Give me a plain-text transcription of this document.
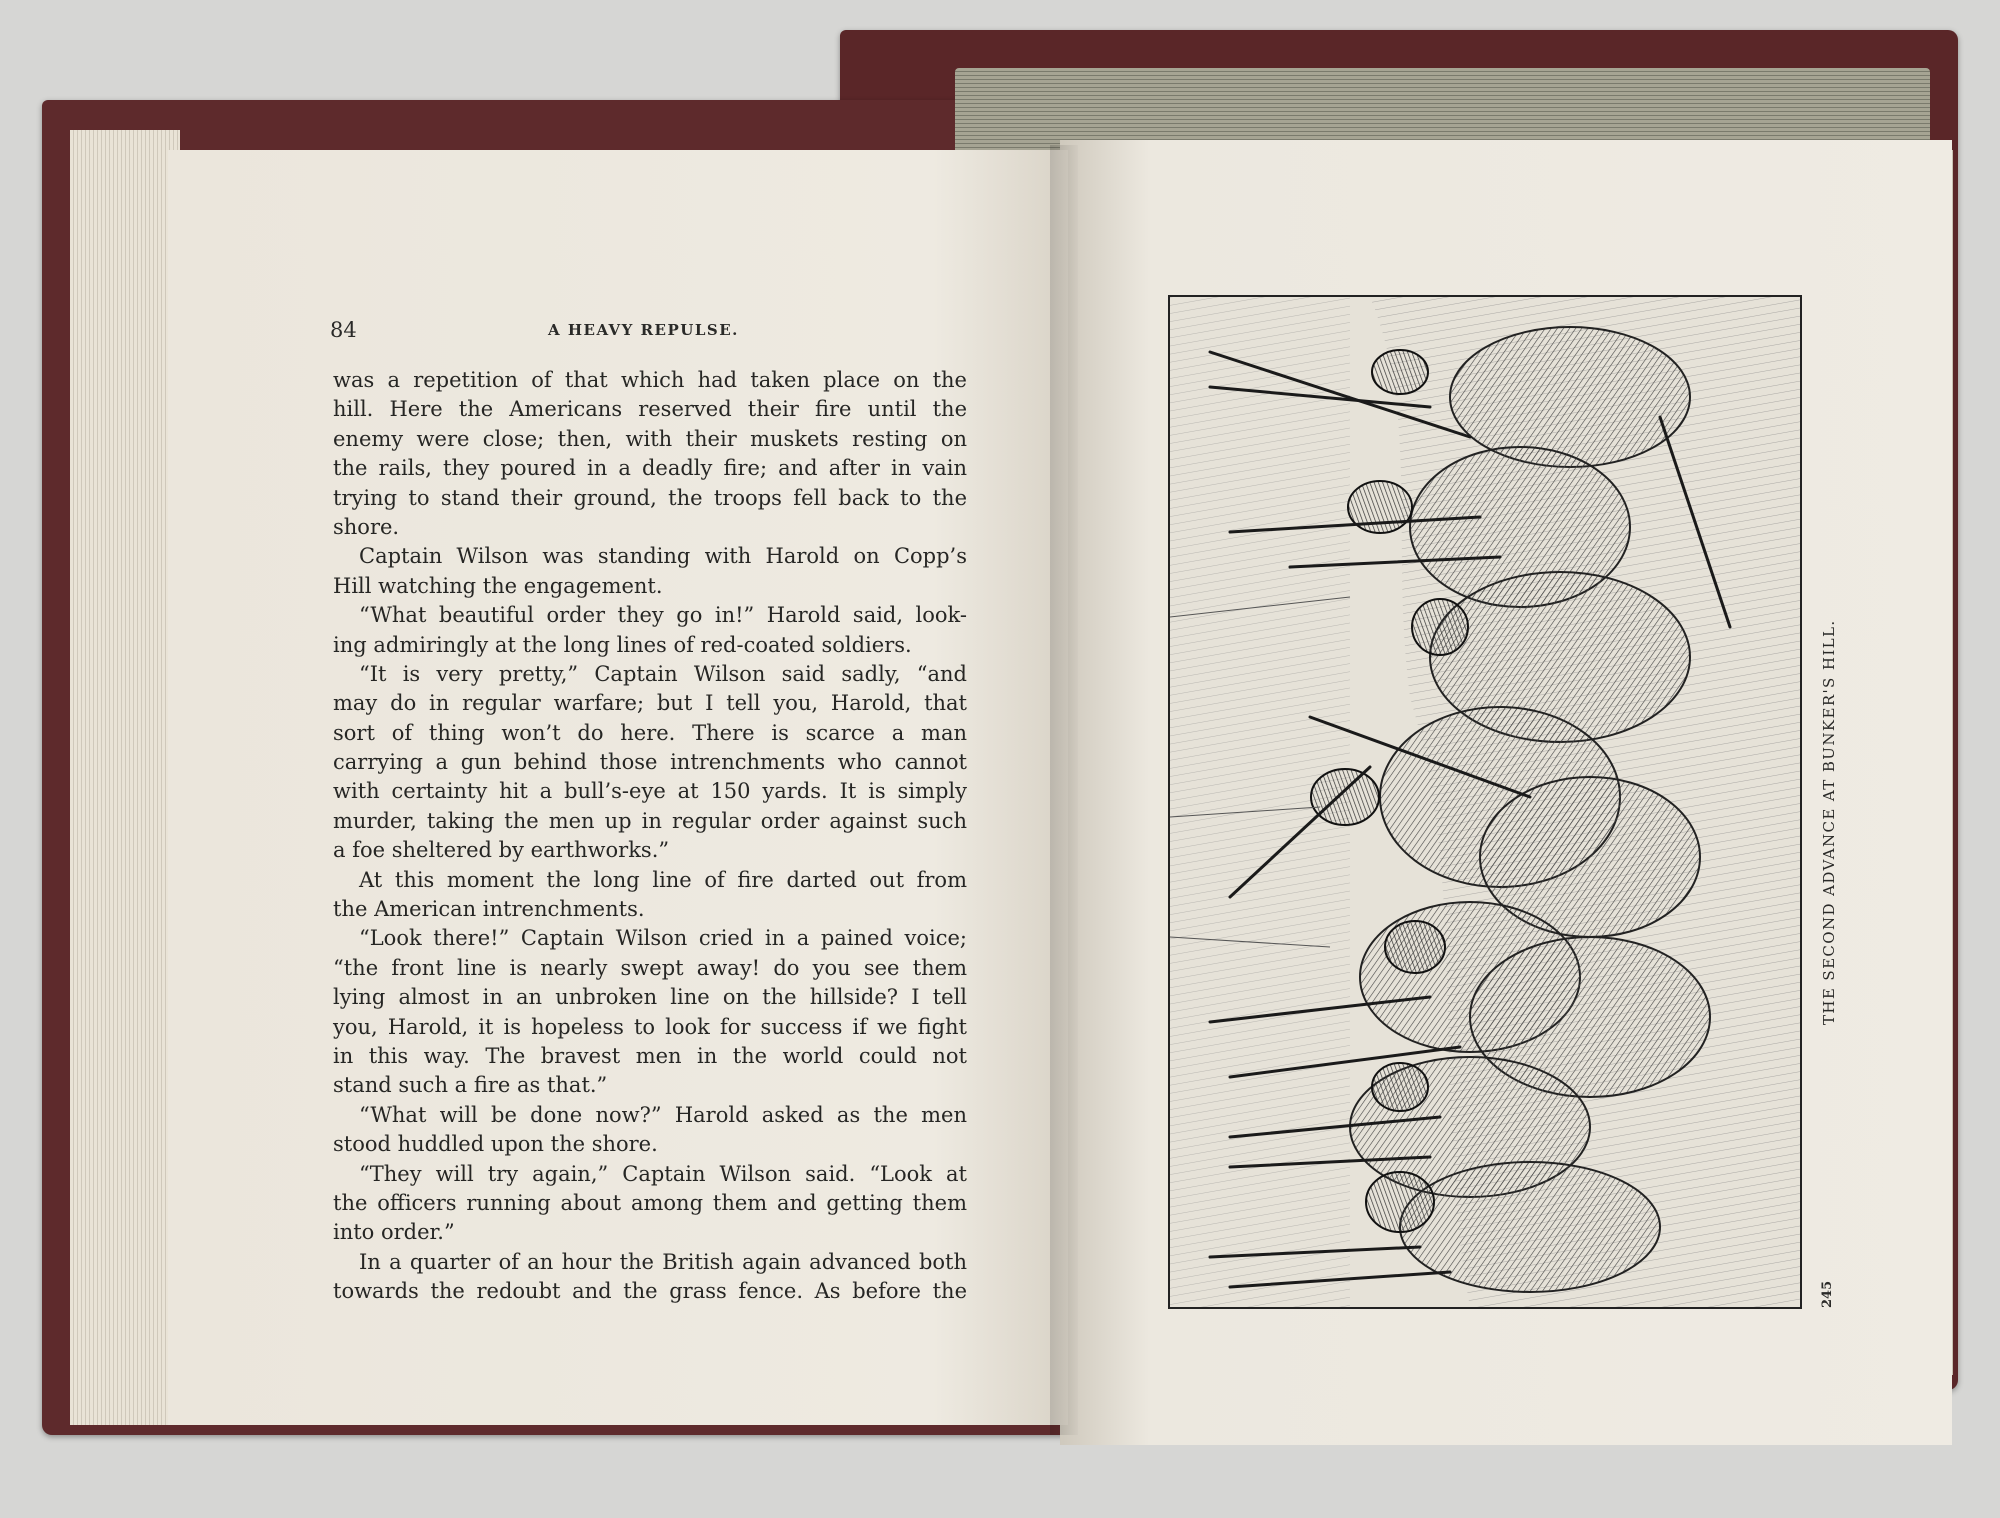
84	A HEAVY REPULSE.
was a repetition of that which had taken place on the
hill. Here the Americans reserved their fire until the
enemy were close; then, with their muskets resting on
the rails, they poured in a deadly fire; and after in vain
trying to stand their ground, the troops fell back to the
shore.
Captain Wilson was standing with Harold on Copp’s
Hill watching the engagement.
“What beautiful order they go in!” Harold said, look-
ing admiringly at the long lines of red-coated soldiers.
“It is very pretty,” Captain Wilson said sadly, “and
may do in regular warfare; but I tell you, Harold, that
sort of thing won’t do here. There is scarce a man
carrying a gun behind those intrenchments who cannot
with certainty hit a bull’s-eye at 150 yards. It is simply
murder, taking the men up in regular order against such
a foe sheltered by earthworks.”
At this moment the long line of fire darted out from
the American intrenchments.
“Look there!” Captain Wilson cried in a pained voice;
“the front line is nearly swept away! do you see them
lying almost in an unbroken line on the hillside? I tell
you, Harold, it is hopeless to look for success if we fight
in this way. The bravest men in the world could not
stand such a fire as that.”
“What will be done now?” Harold asked as the men
stood huddled upon the shore.
“They will try again,” Captain Wilson said. “Look at
the officers running about among them and getting them
into order.”
In a quarter of an hour the British again advanced both
towards the redoubt and the grass fence. As before the
THE SECOND ADVANCE AT BUNKER'S HILL.
245
